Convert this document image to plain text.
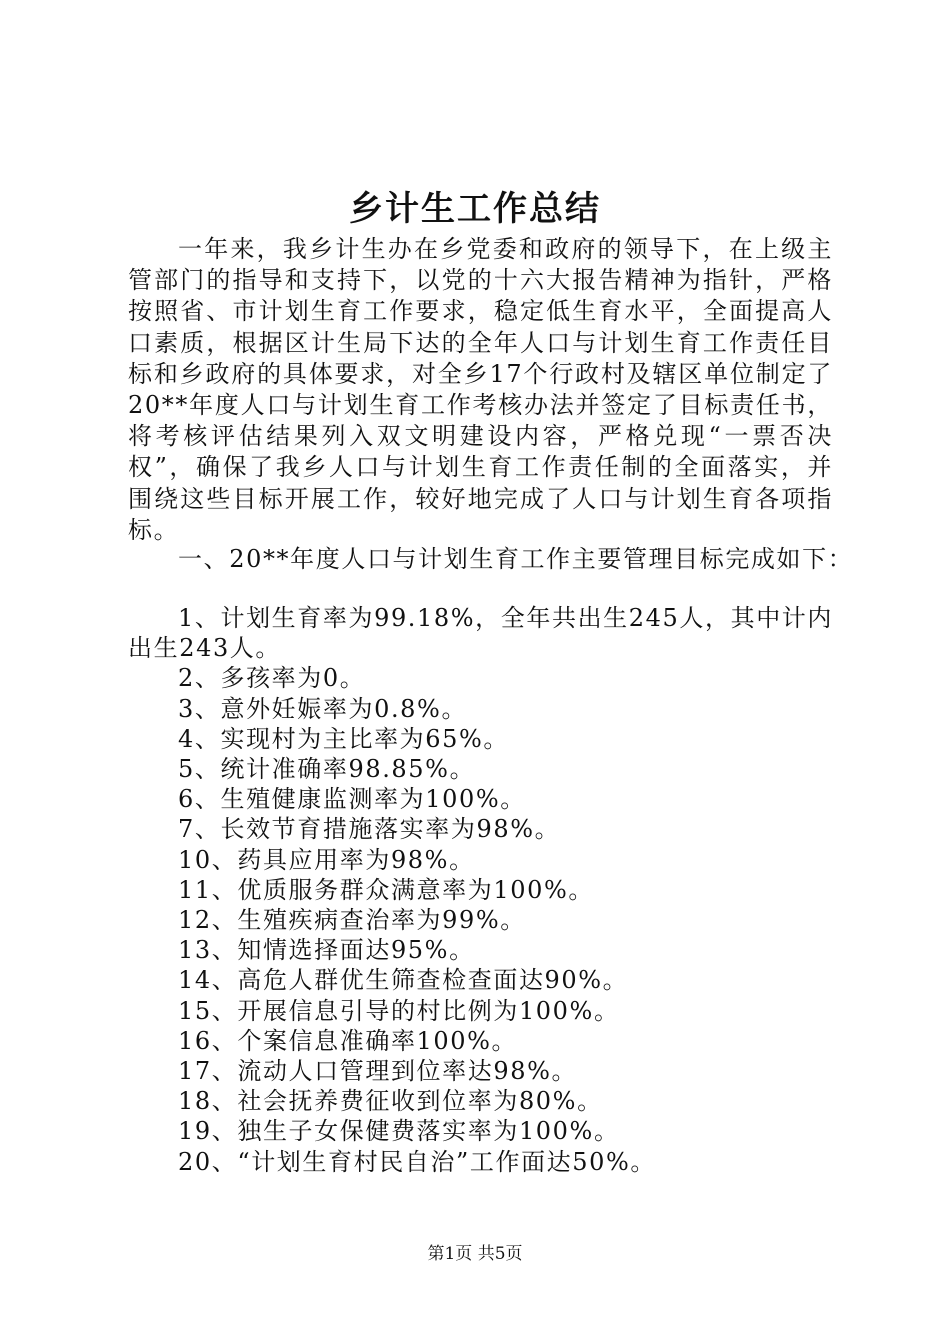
乡计生工作总结

一年来，我乡计生办在乡党委和政府的领导下，在上级主管部门的指导和支持下，以党的十六大报告精神为指针，严格按照省、市计划生育工作要求，稳定低生育水平，全面提高人口素质，根据区计生局下达的全年人口与计划生育工作责任目标和乡政府的具体要求，对全乡17个行政村及辖区单位制定了20**年度人口与计划生育工作考核办法并签定了目标责任书，将考核评估结果列入双文明建设内容，严格兑现“一票否决权”，确保了我乡人口与计划生育工作责任制的全面落实，并围绕这些目标开展工作，较好地完成了人口与计划生育各项指标。

一、20**年度人口与计划生育工作主要管理目标完成如下：
1、计划生育率为99.18%，全年共出生245人，其中计内出生243人。
2、多孩率为0。
3、意外妊娠率为0.8%。
4、实现村为主比率为65%。
5、统计准确率98.85%。
6、生殖健康监测率为100%。
7、长效节育措施落实率为98%。
10、药具应用率为98%。
11、优质服务群众满意率为100%。
12、生殖疾病查治率为99%。
13、知情选择面达95%。
14、高危人群优生筛查检查面达90%。
15、开展信息引导的村比例为100%。
16、个案信息准确率100%。
17、流动人口管理到位率达98%。
18、社会抚养费征收到位率为80%。
19、独生子女保健费落实率为100%。
20、“计划生育村民自治”工作面达50%。
第1页 共5页
